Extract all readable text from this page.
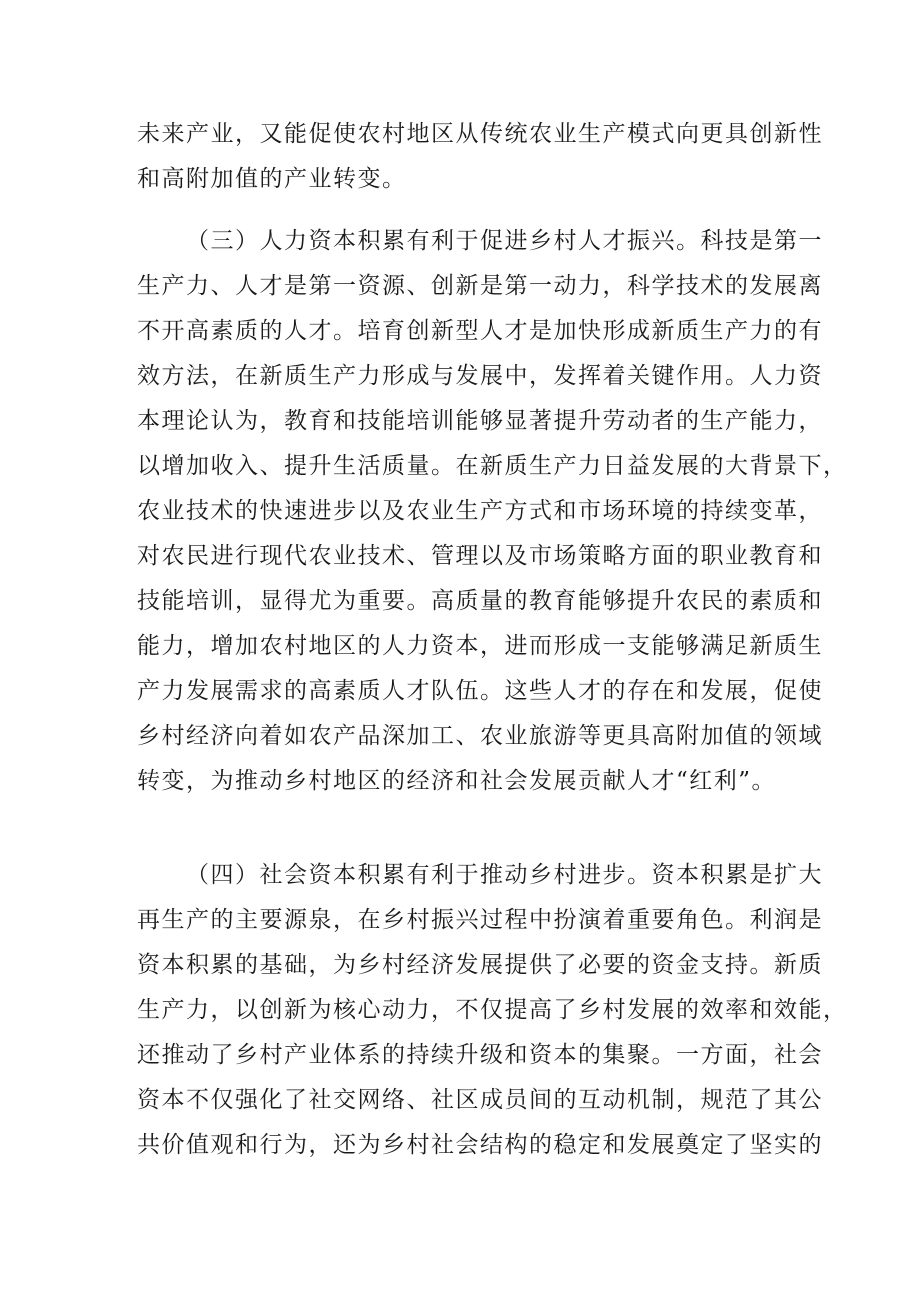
未来产业，又能促使农村地区从传统农业生产模式向更具创新性
和高附加值的产业转变。
（三）人力资本积累有利于促进乡村人才振兴。科技是第一
生产力、人才是第一资源、创新是第一动力，科学技术的发展离
不开高素质的人才。培育创新型人才是加快形成新质生产力的有
效方法，在新质生产力形成与发展中，发挥着关键作用。人力资
本理论认为，教育和技能培训能够显著提升劳动者的生产能力，
以增加收入、提升生活质量。在新质生产力日益发展的大背景下，
农业技术的快速进步以及农业生产方式和市场环境的持续变革，
对农民进行现代农业技术、管理以及市场策略方面的职业教育和
技能培训，显得尤为重要。高质量的教育能够提升农民的素质和
能力，增加农村地区的人力资本，进而形成一支能够满足新质生
产力发展需求的高素质人才队伍。这些人才的存在和发展，促使
乡村经济向着如农产品深加工、农业旅游等更具高附加值的领域
转变，为推动乡村地区的经济和社会发展贡献人才“红利”。
（四）社会资本积累有利于推动乡村进步。资本积累是扩大
再生产的主要源泉，在乡村振兴过程中扮演着重要角色。利润是
资本积累的基础，为乡村经济发展提供了必要的资金支持。新质
生产力，以创新为核心动力，不仅提高了乡村发展的效率和效能，
还推动了乡村产业体系的持续升级和资本的集聚。一方面，社会
资本不仅强化了社交网络、社区成员间的互动机制，规范了其公
共价值观和行为，还为乡村社会结构的稳定和发展奠定了坚实的
